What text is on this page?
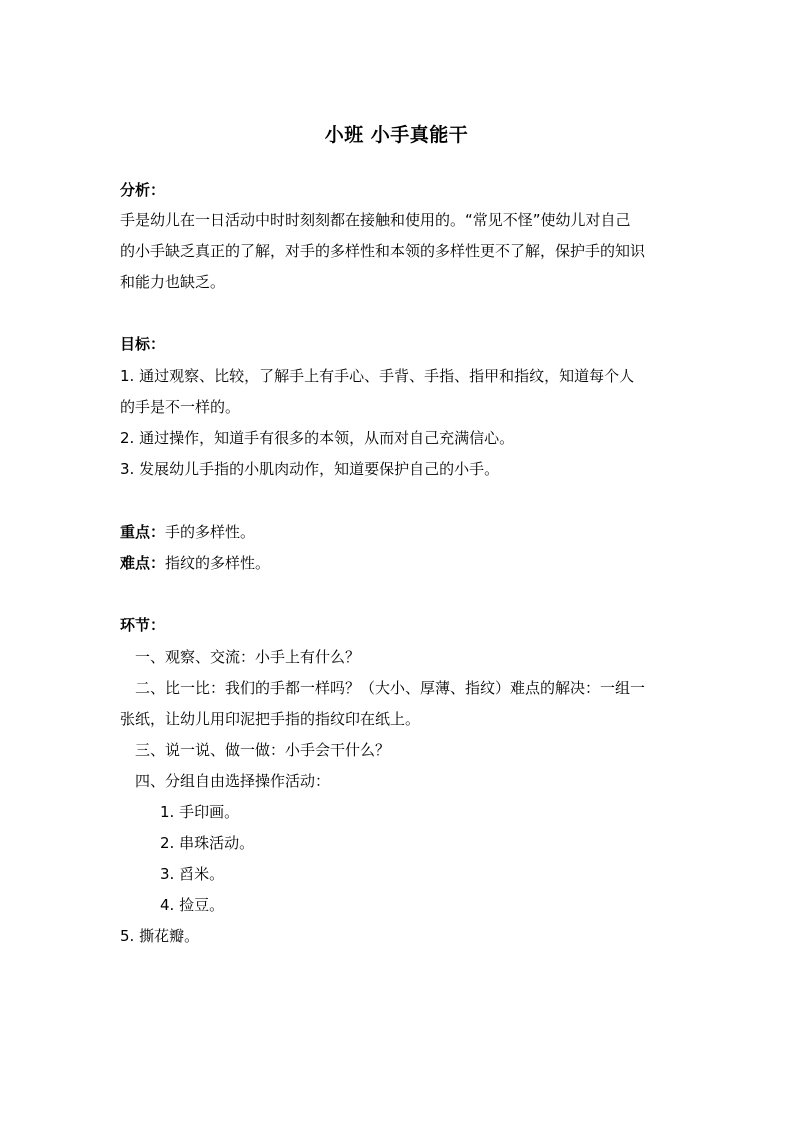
小班 小手真能干
分析：
手是幼儿在一日活动中时时刻刻都在接触和使用的。“常见不怪”使幼儿对自己
的小手缺乏真正的了解，对手的多样性和本领的多样性更不了解，保护手的知识
和能力也缺乏。
目标：
1. 通过观察、比较，了解手上有手心、手背、手指、指甲和指纹，知道每个人
的手是不一样的。
2. 通过操作，知道手有很多的本领，从而对自己充满信心。
3. 发展幼儿手指的小肌肉动作，知道要保护自己的小手。
重点：手的多样性。
难点：指纹的多样性。
环节：
一、观察、交流：小手上有什么？
二、比一比：我们的手都一样吗？（大小、厚薄、指纹）难点的解决：一组一
张纸，让幼儿用印泥把手指的指纹印在纸上。
三、说一说、做一做：小手会干什么？
四、分组自由选择操作活动：
1. 手印画。
2. 串珠活动。
3. 舀米。
4. 捡豆。
5. 撕花瓣。
